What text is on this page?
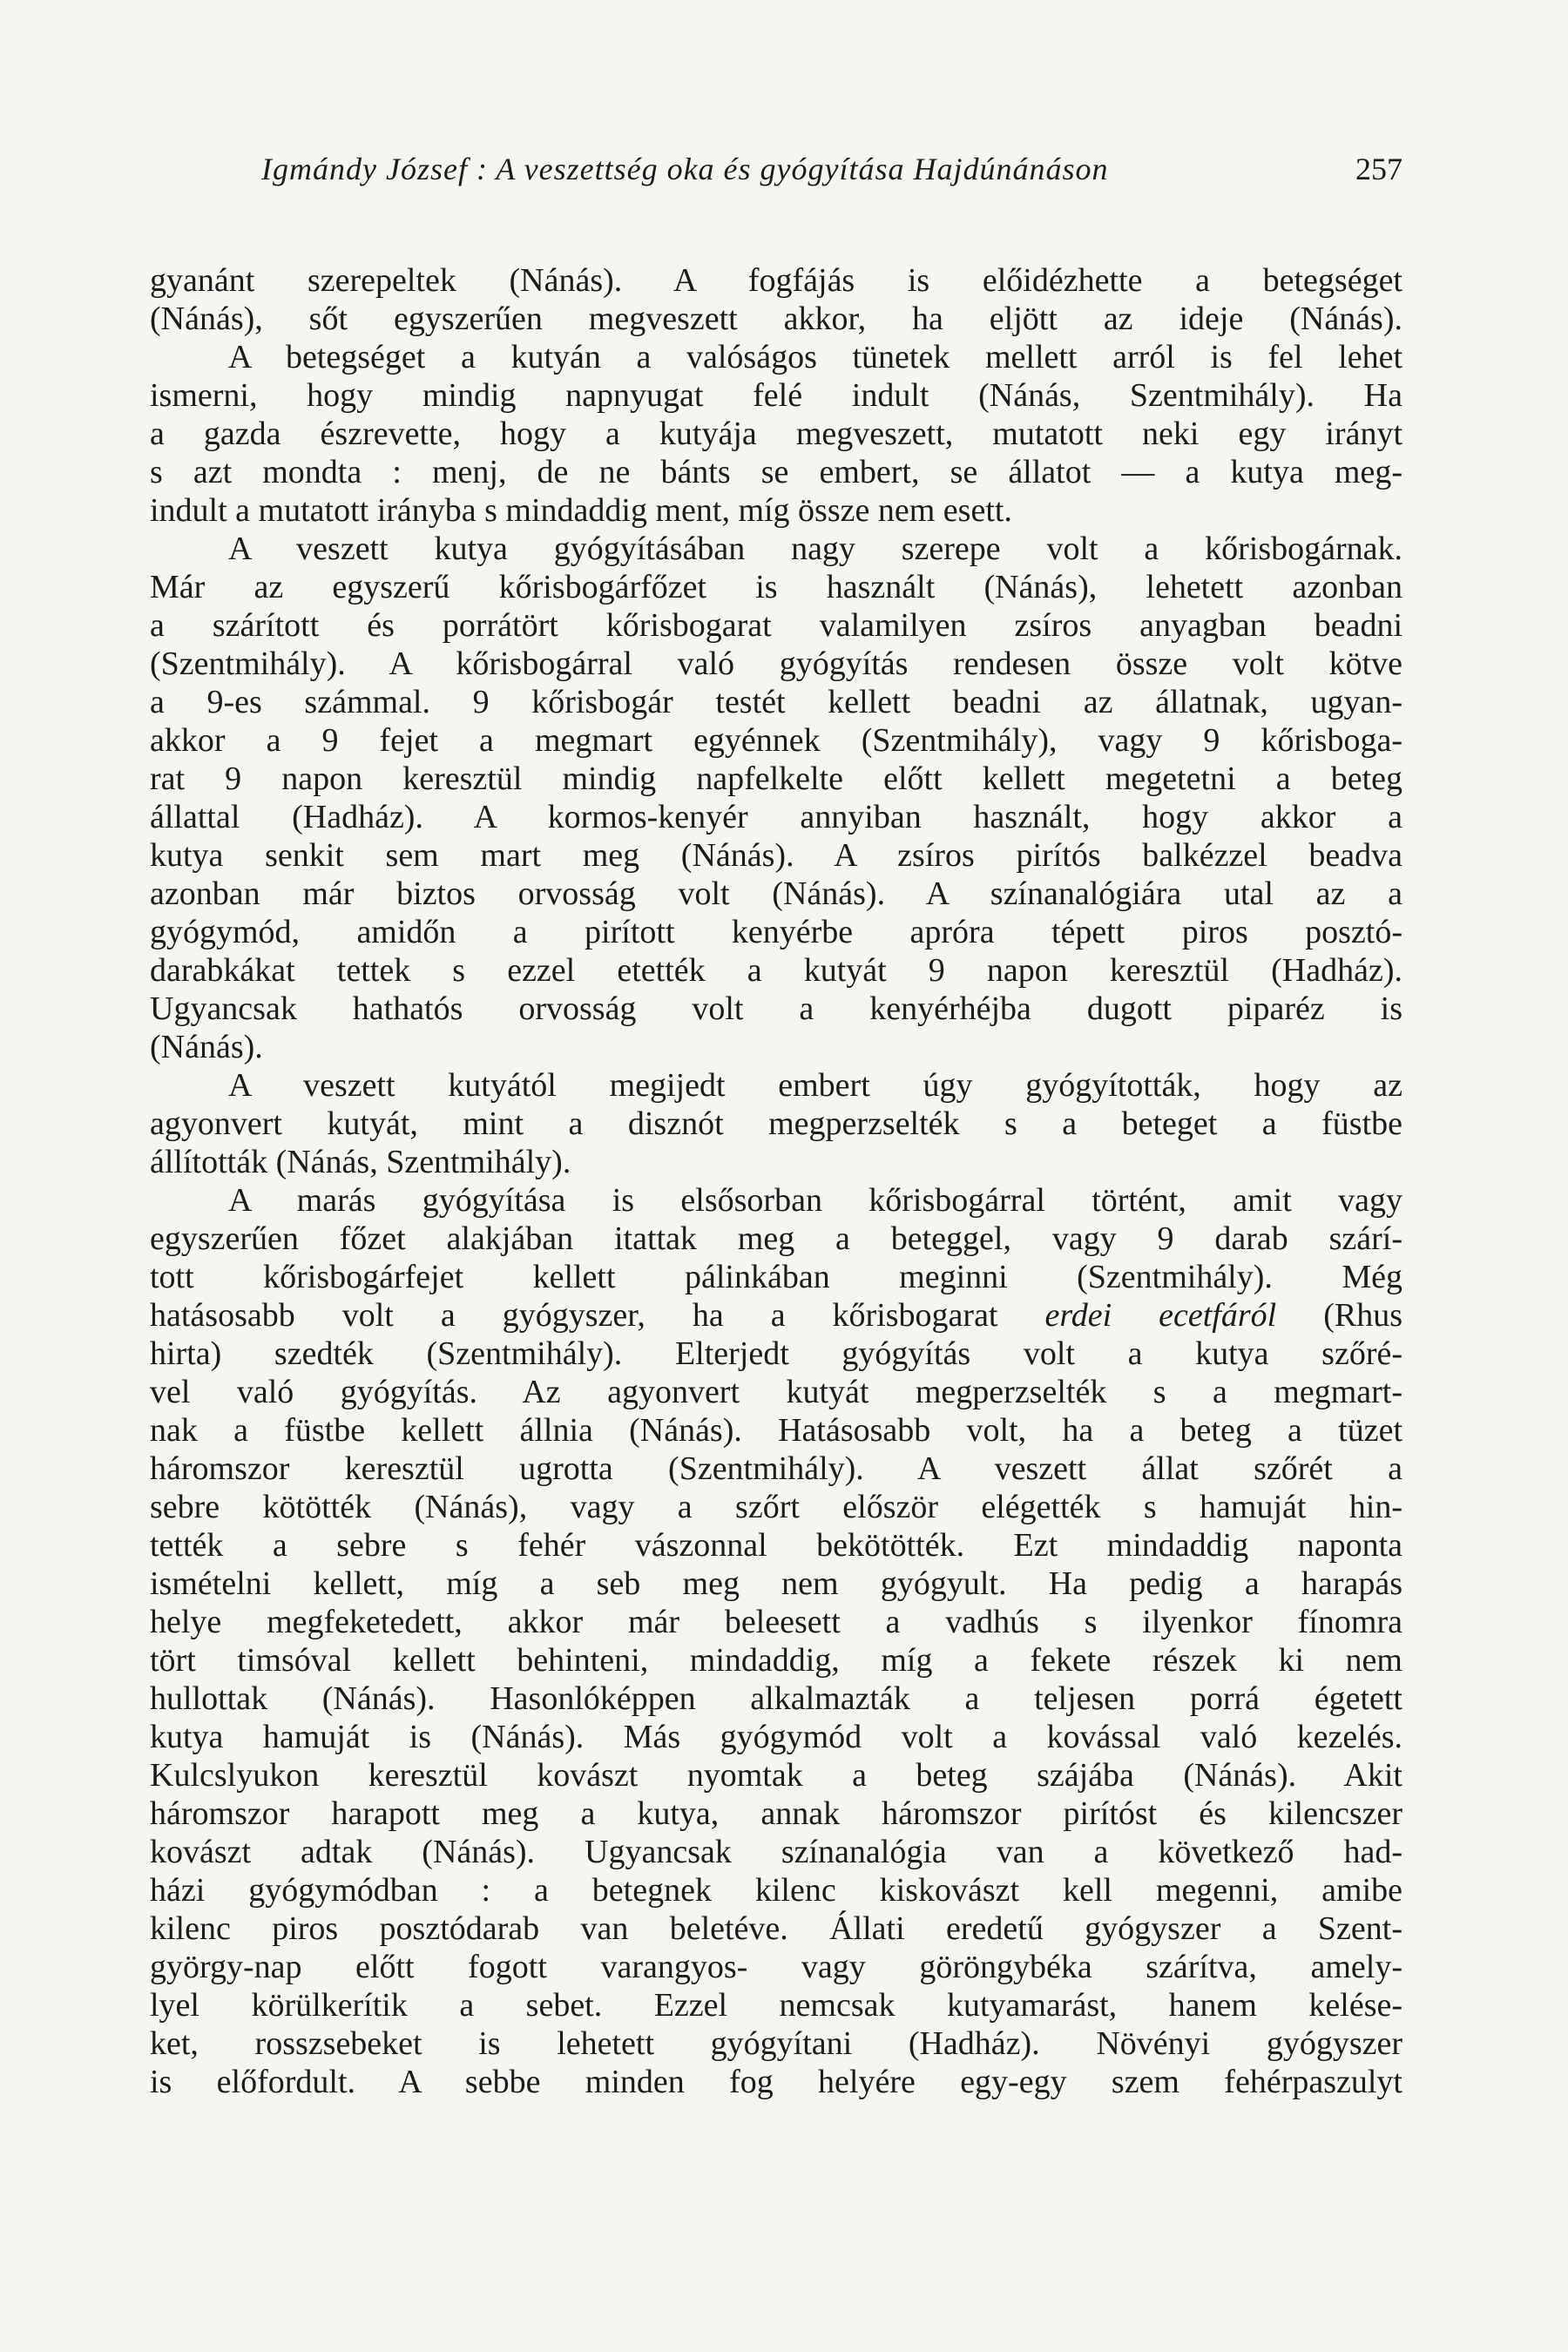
Igmándy József : A veszettség oka és gyógyítása Hajdúnánáson	257
gyanánt szerepeltek (Nánás). A fogfájás is előidézhette a betegséget
(Nánás), sőt egyszerűen megveszett akkor, ha eljött az ideje (Nánás).
A betegséget a kutyán a valóságos tünetek mellett arról is fel lehet
ismerni, hogy mindig napnyugat felé indult (Nánás, Szentmihály). Ha
a gazda észrevette, hogy a kutyája megveszett, mutatott neki egy irányt
s azt mondta : menj, de ne bánts se embert, se állatot — a kutya meg-
indult a mutatott irányba s mindaddig ment, míg össze nem esett.
A veszett kutya gyógyításában nagy szerepe volt a kőrisbogárnak.
Már az egyszerű kőrisbogárfőzet is használt (Nánás), lehetett azonban
a szárított és porrátört kőrisbogarat valamilyen zsíros anyagban beadni
(Szentmihály). A kőrisbogárral való gyógyítás rendesen össze volt kötve
a 9-es számmal. 9 kőrisbogár testét kellett beadni az állatnak, ugyan-
akkor a 9 fejet a megmart egyénnek (Szentmihály), vagy 9 kőrisboga-
rat 9 napon keresztül mindig napfelkelte előtt kellett megetetni a beteg
állattal (Hadház). A kormos-kenyér annyiban használt, hogy akkor a
kutya senkit sem mart meg (Nánás). A zsíros pirítós balkézzel beadva
azonban már biztos orvosság volt (Nánás). A színanalógiára utal az a
gyógymód, amidőn a pirított kenyérbe apróra tépett piros posztó-
darabkákat tettek s ezzel etették a kutyát 9 napon keresztül (Hadház).
Ugyancsak hathatós orvosság volt a kenyérhéjba dugott piparéz is
(Nánás).
A veszett kutyától megijedt embert úgy gyógyították, hogy az
agyonvert kutyát, mint a disznót megperzselték s a beteget a füstbe
állították (Nánás, Szentmihály).
A marás gyógyítása is elsősorban kőrisbogárral történt, amit vagy
egyszerűen főzet alakjában itattak meg a beteggel, vagy 9 darab szárí-
tott kőrisbogárfejet kellett pálinkában meginni (Szentmihály). Még
hatásosabb volt a gyógyszer, ha a kőrisbogarat erdei ecetfáról (Rhus
hirta) szedték (Szentmihály). Elterjedt gyógyítás volt a kutya szőré-
vel való gyógyítás. Az agyonvert kutyát megperzselték s a megmart-
nak a füstbe kellett állnia (Nánás). Hatásosabb volt, ha a beteg a tüzet
háromszor keresztül ugrotta (Szentmihály). A veszett állat szőrét a
sebre kötötték (Nánás), vagy a szőrt először elégették s hamuját hin-
tették a sebre s fehér vászonnal bekötötték. Ezt mindaddig naponta
ismételni kellett, míg a seb meg nem gyógyult. Ha pedig a harapás
helye megfeketedett, akkor már beleesett a vadhús s ilyenkor fínomra
tört timsóval kellett behinteni, mindaddig, míg a fekete részek ki nem
hullottak (Nánás). Hasonlóképpen alkalmazták a teljesen porrá égetett
kutya hamuját is (Nánás). Más gyógymód volt a kovással való kezelés.
Kulcslyukon keresztül kovászt nyomtak a beteg szájába (Nánás). Akit
háromszor harapott meg a kutya, annak háromszor pirítóst és kilencszer
kovászt adtak (Nánás). Ugyancsak színanalógia van a következő had-
házi gyógymódban : a betegnek kilenc kiskovászt kell megenni, amibe
kilenc piros posztódarab van beletéve. Állati eredetű gyógyszer a Szent-
györgy-nap előtt fogott varangyos- vagy göröngybéka szárítva, amely-
lyel körülkerítik a sebet. Ezzel nemcsak kutyamarást, hanem kelése-
ket, rosszsebeket is lehetett gyógyítani (Hadház). Növényi gyógyszer
is előfordult. A sebbe minden fog helyére egy-egy szem fehérpaszulyt
